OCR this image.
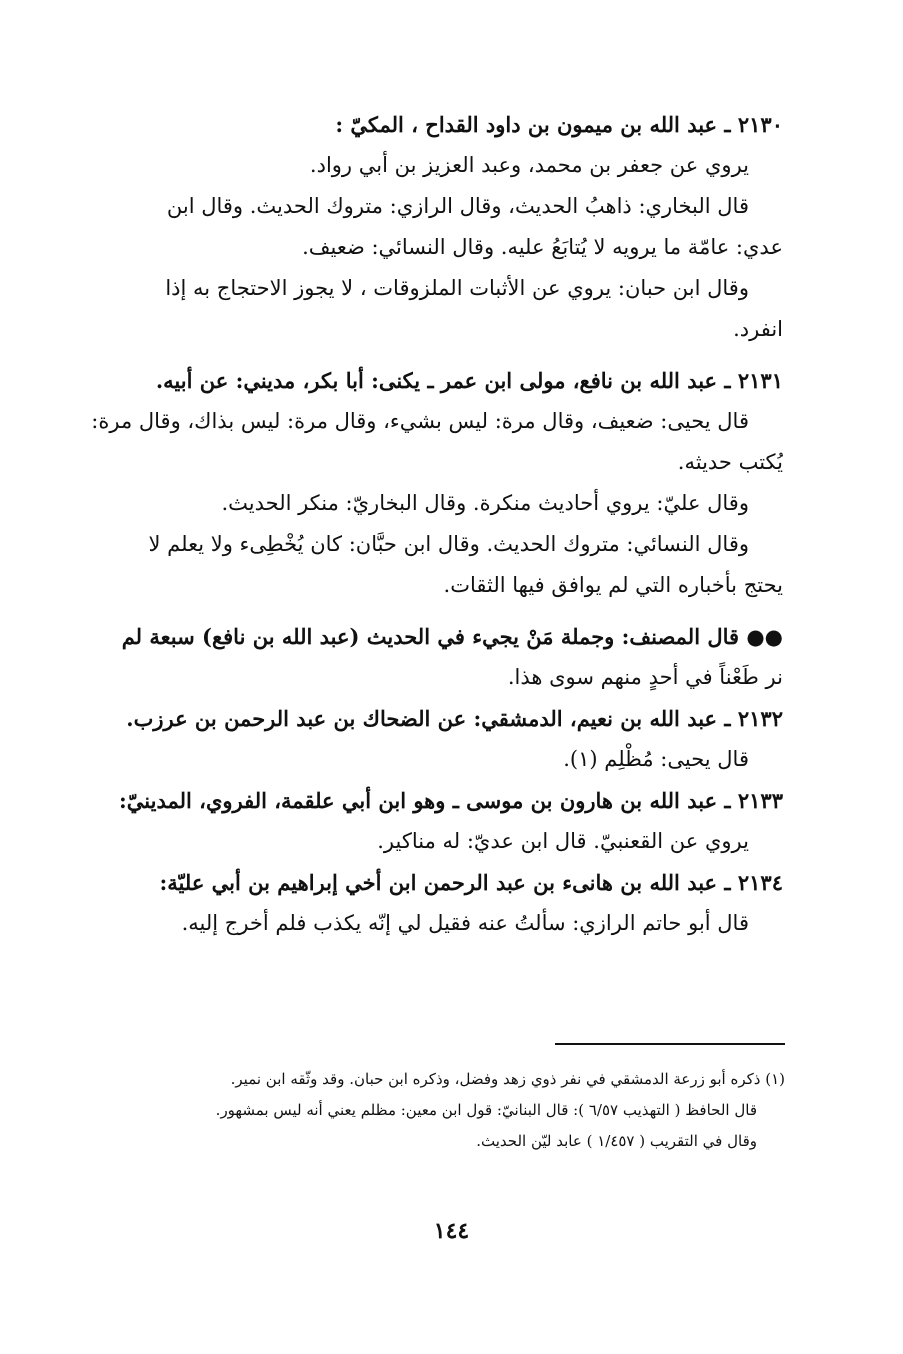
٢١٣٠ ـ عبد الله بن ميمون بن داود القداح ، المكيّ :
يروي عن جعفر بن محمد، وعبد العزيز بن أبي رواد.
قال البخاري: ذاهبُ الحديث، وقال الرازي: متروك الحديث. وقال ابن
عدي: عامّة ما يرويه لا يُتابَعُ عليه. وقال النسائي: ضعيف.
وقال ابن حبان: يروي عن الأثبات الملزوقات ، لا يجوز الاحتجاج به إذا
انفرد.
٢١٣١ ـ عبد الله بن نافع، مولى ابن عمر ـ يكنى: أبا بكر، مديني: عن أبيه.
قال يحيى: ضعيف، وقال مرة: ليس بشيء، وقال مرة: ليس بذاك، وقال مرة:
يُكتب حديثه.
وقال عليّ: يروي أحاديث منكرة. وقال البخاريّ: منكر الحديث.
وقال النسائي: متروك الحديث. وقال ابن حبَّان: كان يُخْطِىء ولا يعلم لا
يحتج بأخباره التي لم يوافق فيها الثقات.
●● قال المصنف: وجملة مَنْ يجيء في الحديث (عبد الله بن نافع) سبعة لم
نر طَعْناً في أحدٍ منهم سوى هذا.
٢١٣٢ ـ عبد الله بن نعيم، الدمشقي: عن الضحاك بن عبد الرحمن بن عرزب.
قال يحيى: مُظْلِم (١).
٢١٣٣ ـ عبد الله بن هارون بن موسى ـ وهو ابن أبي علقمة، الفروي، المدينيّ:
يروي عن القعنبيّ. قال ابن عديّ: له مناكير.
٢١٣٤ ـ عبد الله بن هانىء بن عبد الرحمن ابن أخي إبراهيم بن أبي عليّة:
قال أبو حاتم الرازي: سألتُ عنه فقيل لي إنّه يكذب فلم أخرج إليه.
(١) ذكره أبو زرعة الدمشقي في نفر ذوي زهد وفضل، وذكره ابن حبان. وقد وثّقه ابن نمير.
قال الحافظ ( التهذيب ٦/٥٧ ): قال البنانيّ: قول ابن معين: مظلم يعني أنه ليس بمشهور.
وقال في التقريب ( ١/٤٥٧ ) عابد ليّن الحديث.
١٤٤
